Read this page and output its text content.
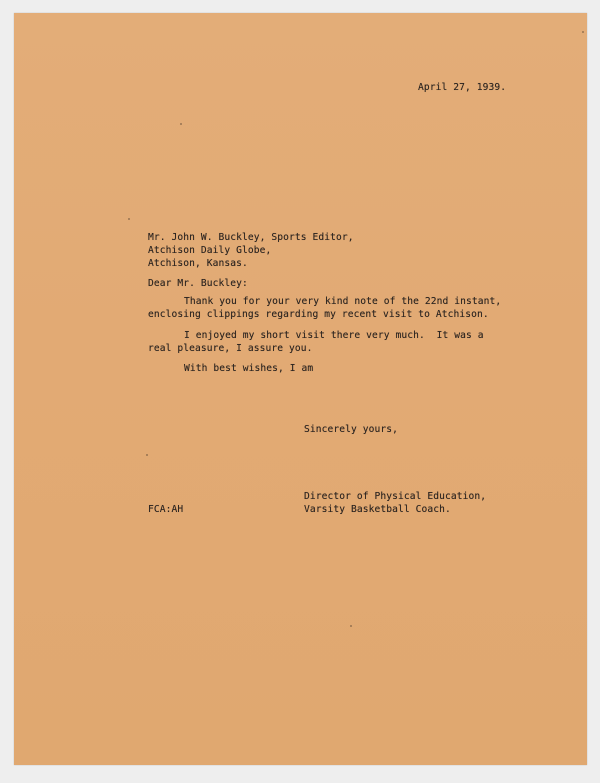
April 27, 1939.
Mr. John W. Buckley, Sports Editor,
Atchison Daily Globe,
Atchison, Kansas.
Dear Mr. Buckley:
Thank you for your very kind note of the 22nd instant,
enclosing clippings regarding my recent visit to Atchison.
I enjoyed my short visit there very much.  It was a
real pleasure, I assure you.
With best wishes, I am
Sincerely yours,
Director of Physical Education,
Varsity Basketball Coach.
FCA:AH
